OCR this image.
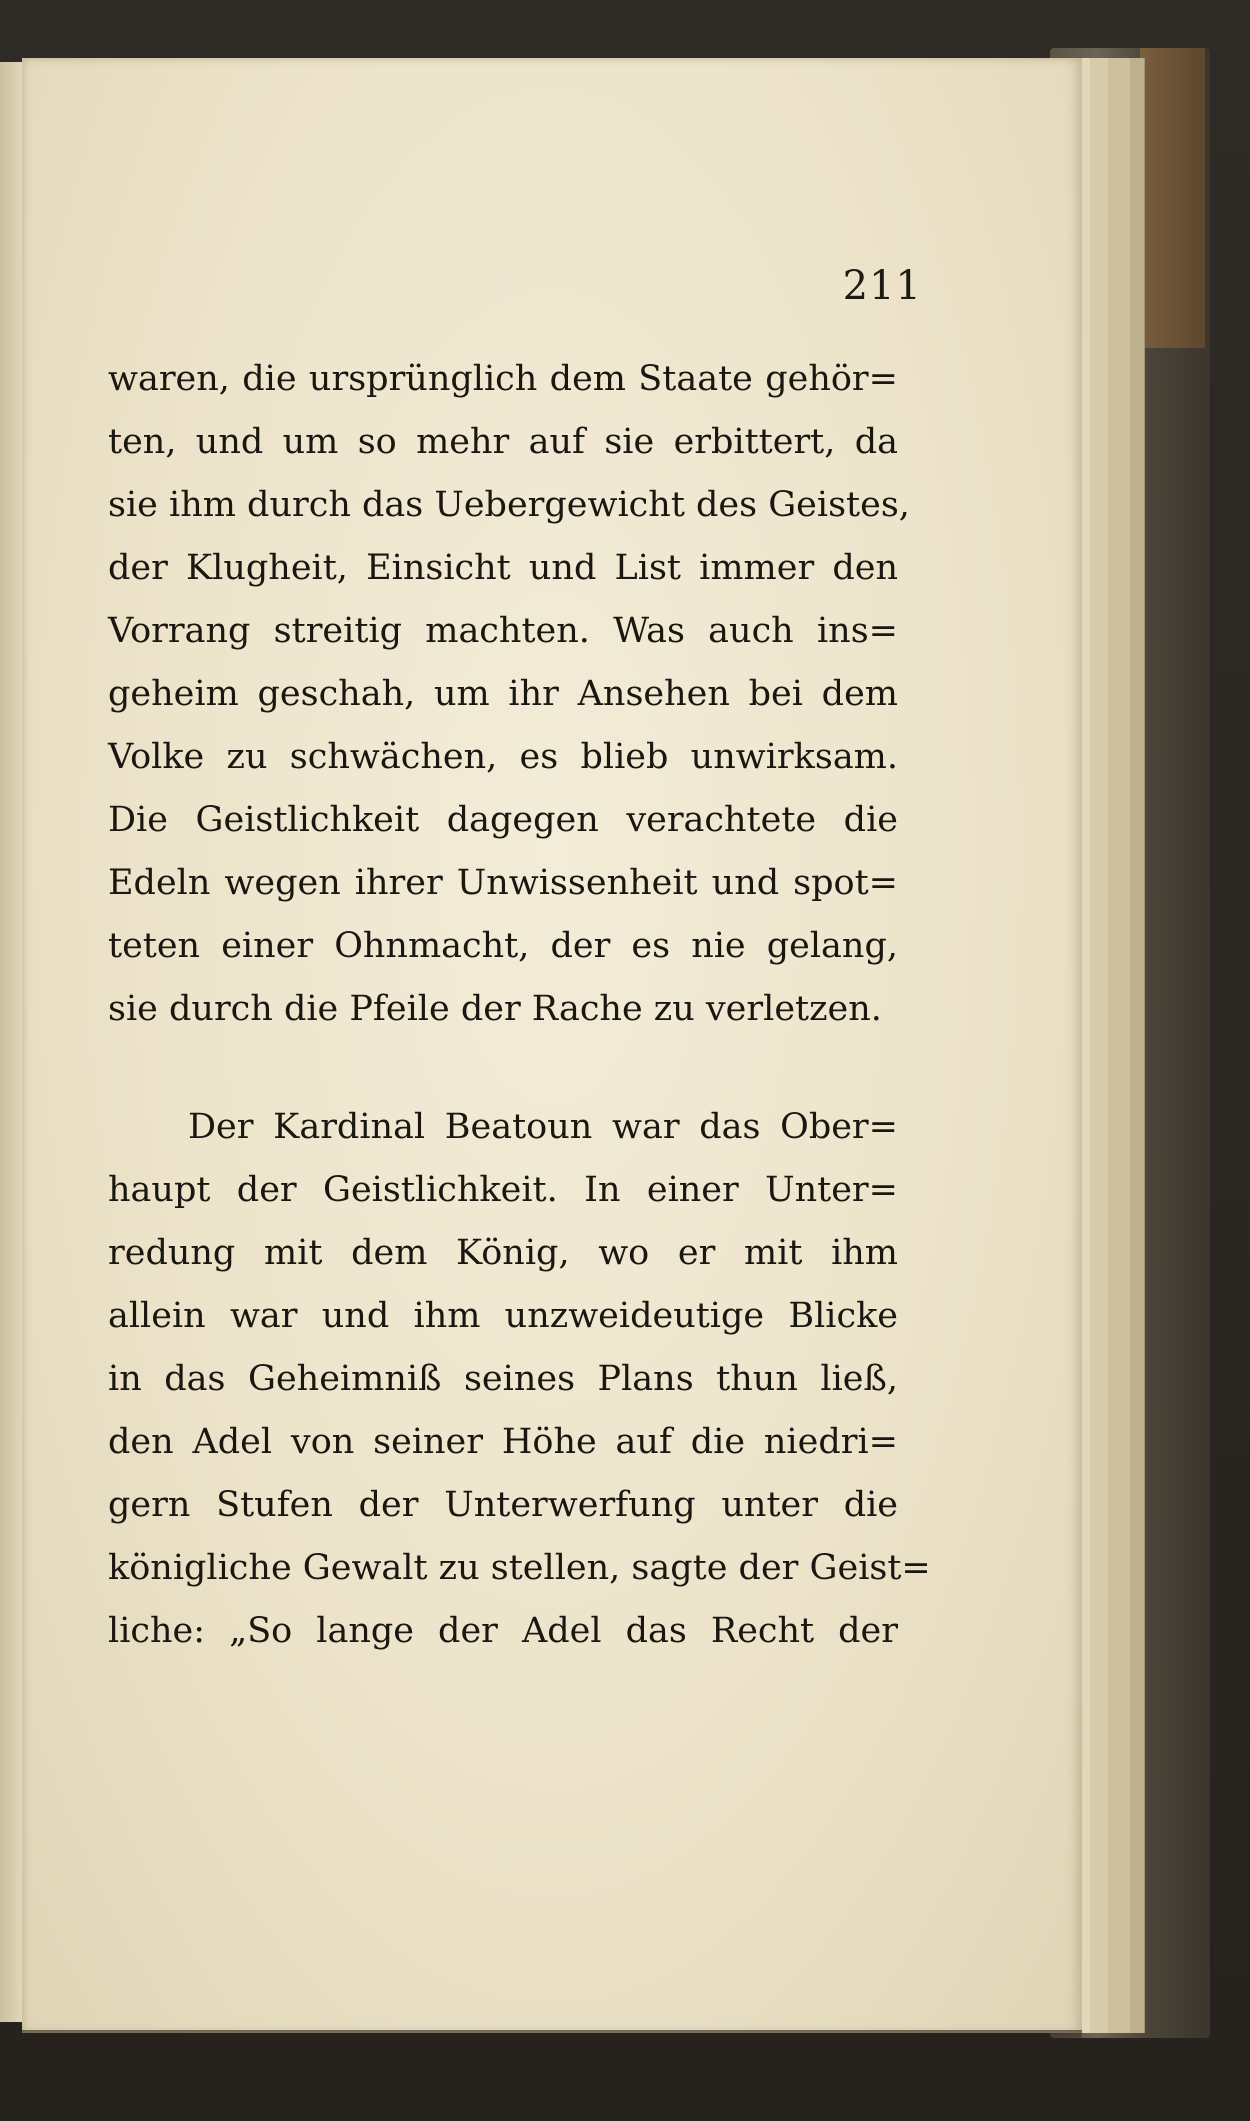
211
waren, die ursprünglich dem Staate gehör=
ten, und um so mehr auf sie erbittert, da
sie ihm durch das Uebergewicht des Geistes,
der Klugheit, Einsicht und List immer den
Vorrang streitig machten. Was auch ins=
geheim geschah, um ihr Ansehen bei dem
Volke zu schwächen, es blieb unwirksam.
Die Geistlichkeit dagegen verachtete die
Edeln wegen ihrer Unwissenheit und spot=
teten einer Ohnmacht, der es nie gelang,
sie durch die Pfeile der Rache zu verletzen.
Der Kardinal Beatoun war das Ober=
haupt der Geistlichkeit. In einer Unter=
redung mit dem König, wo er mit ihm
allein war und ihm unzweideutige Blicke
in das Geheimniß seines Plans thun ließ,
den Adel von seiner Höhe auf die niedri=
gern Stufen der Unterwerfung unter die
königliche Gewalt zu stellen, sagte der Geist=
liche: „So lange der Adel das Recht der
